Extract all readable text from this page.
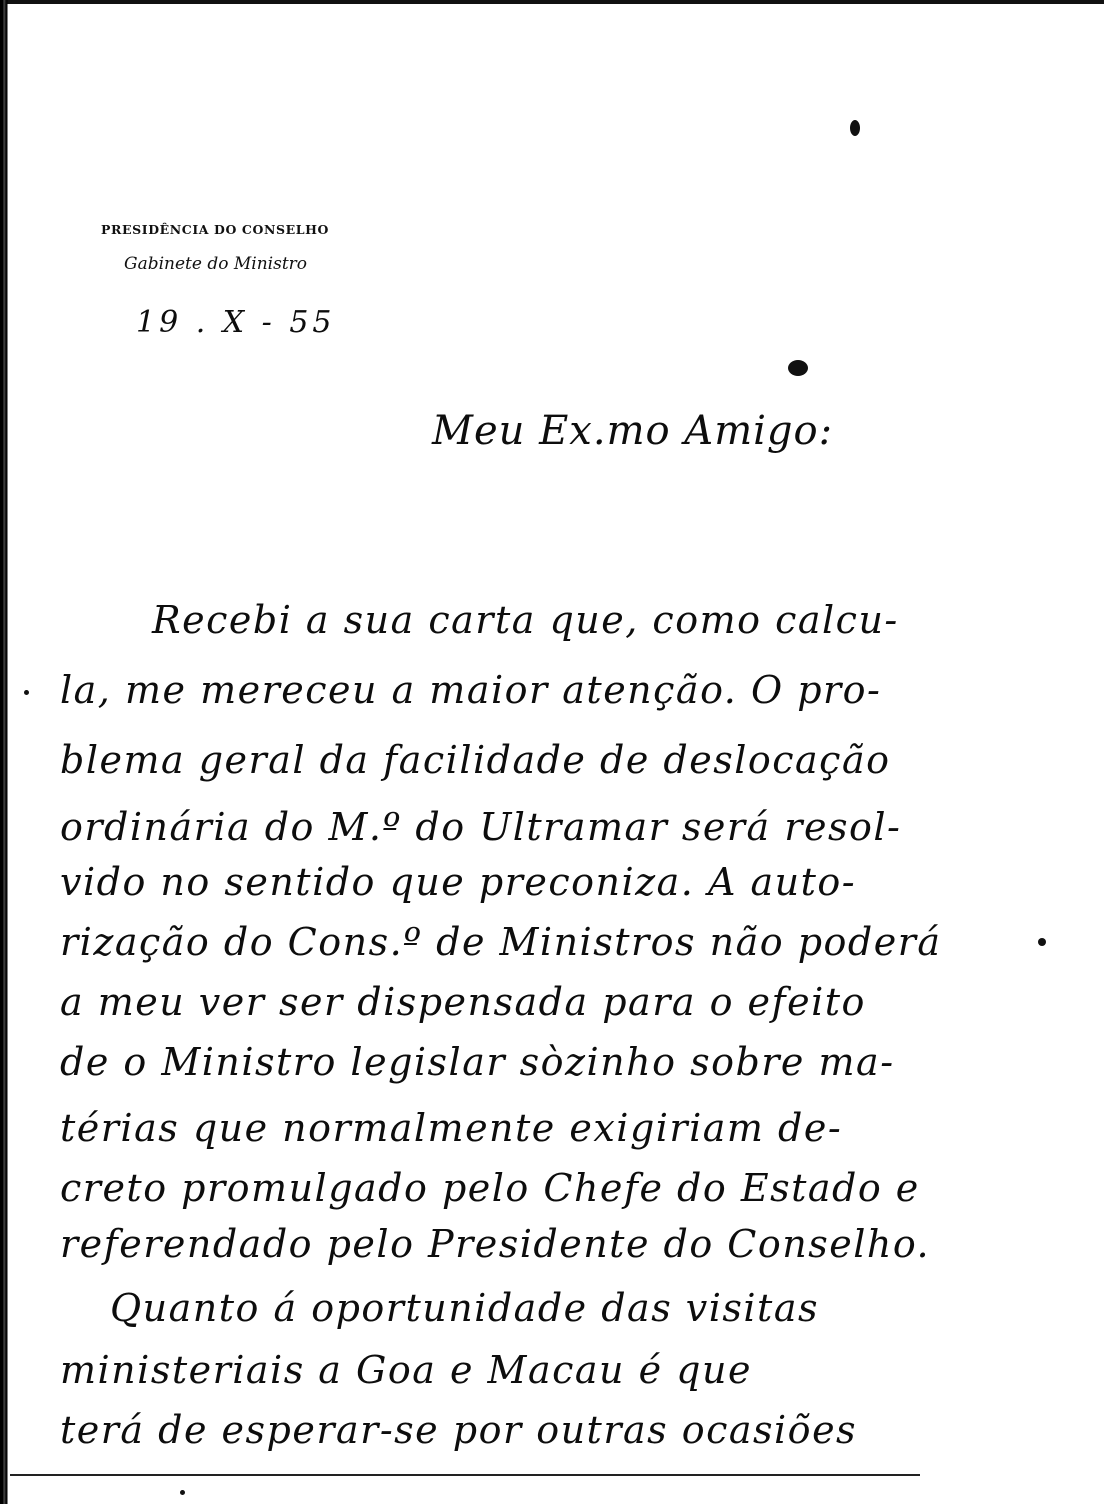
PRESIDÊNCIA DO CONSELHO
Gabinete do Ministro
19 . X - 55
Meu Ex.mo Amigo:
Recebi a sua carta que, como calcu-
la, me mereceu a maior atenção. O pro-
blema geral da facilidade de deslocação
ordinária do M.º do Ultramar será resol-
vido no sentido que preconiza. A auto-
rização do Cons.º de Ministros não poderá
a meu ver ser dispensada para o efeito
de o Ministro legislar sòzinho sobre ma-
térias que normalmente exigiriam de-
creto promulgado pelo Chefe do Estado e
referendado pelo Presidente do Conselho.
Quanto á oportunidade das visitas
ministeriais a Goa e Macau é que
terá de esperar-se por outras ocasiões
